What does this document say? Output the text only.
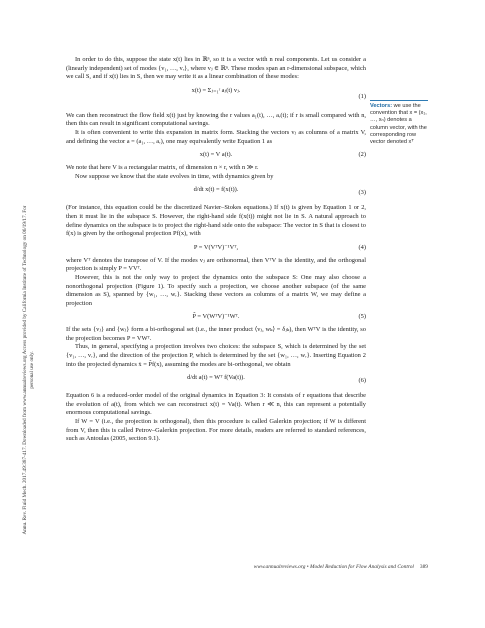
Annu. Rev. Fluid Mech. 2017.49:387-417. Downloaded from www.annualreviews.org Access provided by California Institute of Technology on 06/19/17. For personal use only.
Vectors: we use the convention that x = (x₁, …, xₙ) denotes a column vector, with the corresponding row vector denoted xᵀ

In order to do this, suppose the state x(t) lies in ℝⁿ, so it is a vector with n real components. Let us consider a (linearly independent) set of modes {v₁, …, vᵣ}, where vⱼ ∈ ℝⁿ. These modes span an r-dimensional subspace, which we call S, and if x(t) lies in S, then we may write it as a linear combination of these modes:

x(t) = Σⱼ₌₁ʳ aⱼ(t) vⱼ.
(1)

We can then reconstruct the flow field x(t) just by knowing the r values a₁(t), …, aᵣ(t); if r is small compared with n, then this can result in significant computational savings.

It is often convenient to write this expansion in matrix form. Stacking the vectors vⱼ as columns of a matrix V, and defining the vector a = (a₁, …, aᵣ), one may equivalently write Equation 1 as

x(t) = V a(t).	(2)

We note that here V is a rectangular matrix, of dimension n × r, with n ≫ r.

Now suppose we know that the state evolves in time, with dynamics given by

d/dt x(t) = f(x(t)).	(3)

(For instance, this equation could be the discretized Navier–Stokes equations.) If x(t) is given by Equation 1 or 2, then it must lie in the subspace S. However, the right-hand side f(x(t)) might not lie in S. A natural approach to define dynamics on the subspace is to project the right-hand side onto the subspace: The vector in S that is closest to f(x) is given by the orthogonal projection Pf(x), with

P = V(VᵀV)⁻¹Vᵀ,	(4)

where Vᵀ denotes the transpose of V. If the modes vⱼ are orthonormal, then VᵀV is the identity, and the orthogonal projection is simply P = VVᵀ.

However, this is not the only way to project the dynamics onto the subspace S: One may also choose a nonorthogonal projection (Figure 1). To specify such a projection, we choose another subspace (of the same dimension as S), spanned by {w₁, …, wᵣ}. Stacking these vectors as columns of a matrix W, we may define a projection

P̃ = V(WᵀV)⁻¹Wᵀ.	(5)

If the sets {vⱼ} and {wⱼ} form a bi-orthogonal set (i.e., the inner product ⟨vⱼ, wₖ⟩ = δⱼₖ), then WᵀV is the identity, so the projection becomes P = VWᵀ.

Thus, in general, specifying a projection involves two choices: the subspace S, which is determined by the set {v₁, …, vᵣ}, and the direction of the projection P, which is determined by the set {w₁, …, wᵣ}. Inserting Equation 2 into the projected dynamics ẋ = P̃f(x), assuming the modes are bi-orthogonal, we obtain

d/dt a(t) = Wᵀ f(Va(t)).	(6)

Equation 6 is a reduced-order model of the original dynamics in Equation 3: It consists of r equations that describe the evolution of a(t), from which we can reconstruct x(t) = Va(t). When r ≪ n, this can represent a potentially enormous computational savings.

If W = V (i.e., the projection is orthogonal), then this procedure is called Galerkin projection; if W is different from V, then this is called Petrov–Galerkin projection. For more details, readers are referred to standard references, such as Antoulas (2005, section 9.1).

www.annualreviews.org • Model Reduction for Flow Analysis and Control 389
